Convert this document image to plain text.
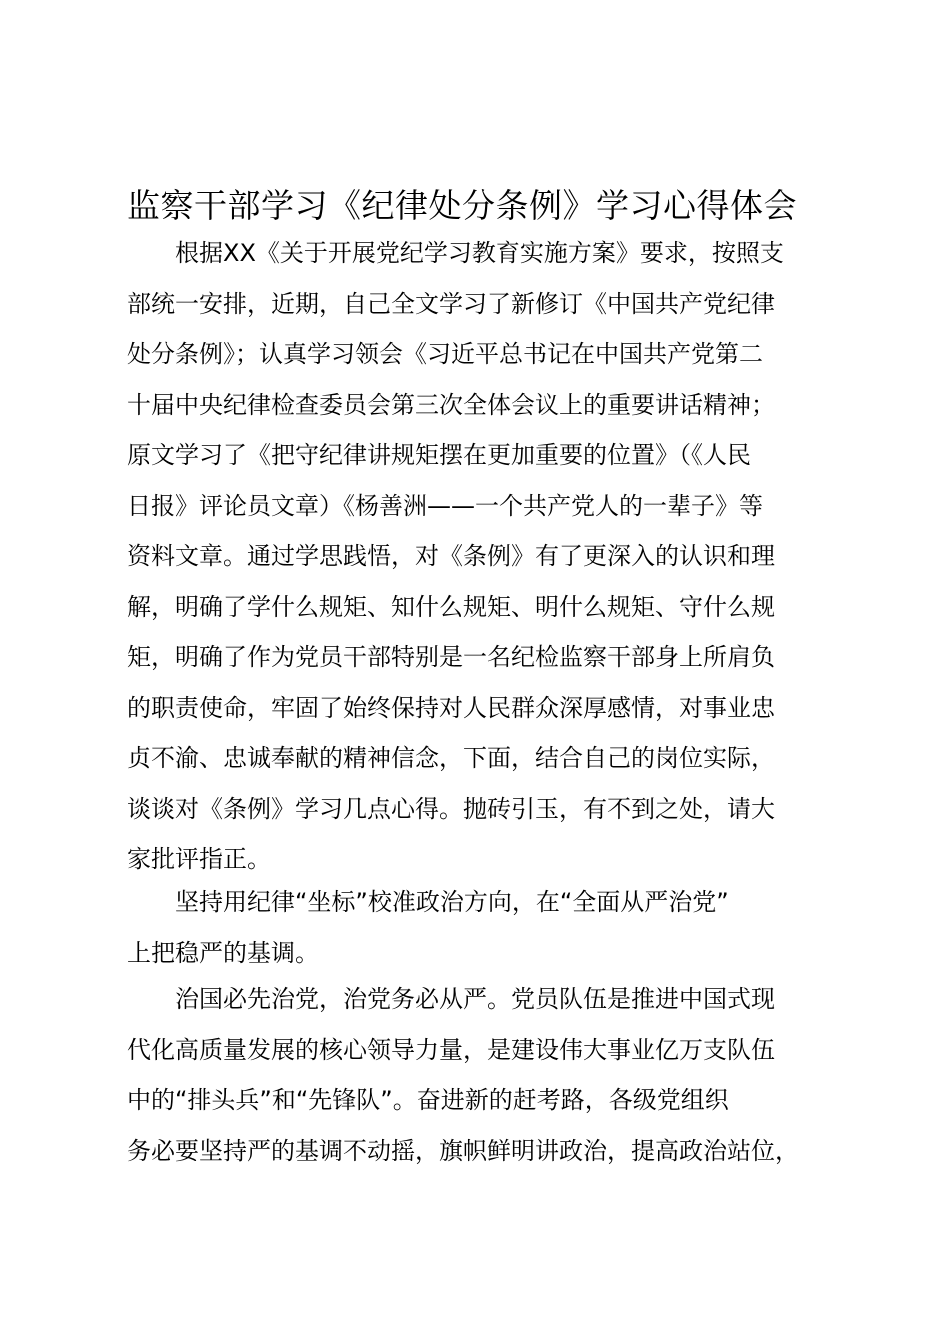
监察干部学习《纪律处分条例》学习心得体会
根据XX《关于开展党纪学习教育实施方案》要求，按照支
部统一安排，近期，自己全文学习了新修订《中国共产党纪律
处分条例》；认真学习领会《习近平总书记在中国共产党第二
十届中央纪律检查委员会第三次全体会议上的重要讲话精神；
原文学习了《把守纪律讲规矩摆在更加重要的位置》（《人民
日报》评论员文章）《杨善洲——一个共产党人的一辈子》等
资料文章。通过学思践悟，对《条例》有了更深入的认识和理
解，明确了学什么规矩、知什么规矩、明什么规矩、守什么规
矩，明确了作为党员干部特别是一名纪检监察干部身上所肩负
的职责使命，牢固了始终保持对人民群众深厚感情，对事业忠
贞不渝、忠诚奉献的精神信念，下面，结合自己的岗位实际，
谈谈对《条例》学习几点心得。抛砖引玉，有不到之处，请大
家批评指正。
坚持用纪律“坐标”校准政治方向，在“全面从严治党”
上把稳严的基调。
治国必先治党，治党务必从严。党员队伍是推进中国式现
代化高质量发展的核心领导力量，是建设伟大事业亿万支队伍
中的“排头兵”和“先锋队”。奋进新的赶考路，各级党组织
务必要坚持严的基调不动摇，旗帜鲜明讲政治，提高政治站位，
